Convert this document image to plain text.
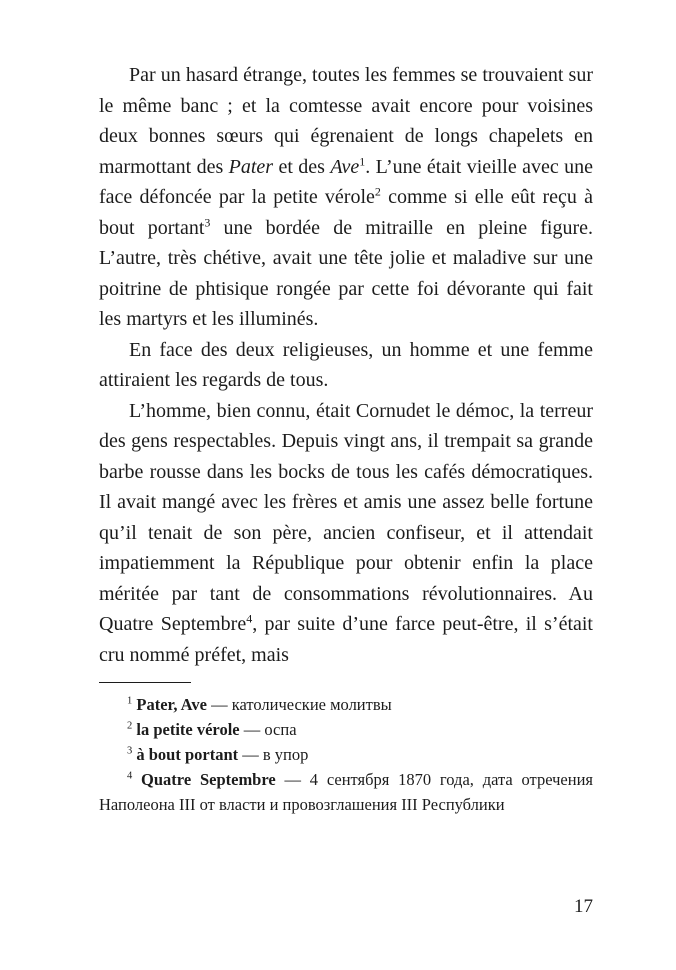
Par un hasard étrange, toutes les femmes se trouvaient sur le même banc ; et la comtesse avait encore pour voisines deux bonnes sœurs qui égrenaient de longs chapelets en marmottant des Pater et des Ave$^1$. L’une était vieille avec une face défoncée par la petite vérole$^2$ comme si elle eût reçu à bout portant$^3$ une bordée de mitraille en pleine figure. L’autre, très chétive, avait une tête jolie et maladive sur une poitrine de phtisique rongée par cette foi dévorante qui fait les martyrs et les illuminés.

En face des deux religieuses, un homme et une femme attiraient les regards de tous.

L’homme, bien connu, était Cornudet le démoc, la terreur des gens respectables. Depuis vingt ans, il trempait sa grande barbe rousse dans les bocks de tous les cafés démocratiques. Il avait mangé avec les frères et amis une assez belle fortune qu’il tenait de son père, ancien confiseur, et il attendait impatiemment la République pour obtenir enfin la place méritée par tant de consommations révolutionnaires. Au Quatre Septembre$^4$, par suite d’une farce peut-être, il s’était cru nommé préfet, mais

$^1$ Pater, Ave — католические молитвы

$^2$ la petite vérole — оспа

$^3$ à bout portant — в упор

$^4$ Quatre Septembre — 4 сентября 1870 года, дата отречения Наполеона III от власти и провозглашения III Республики

17
